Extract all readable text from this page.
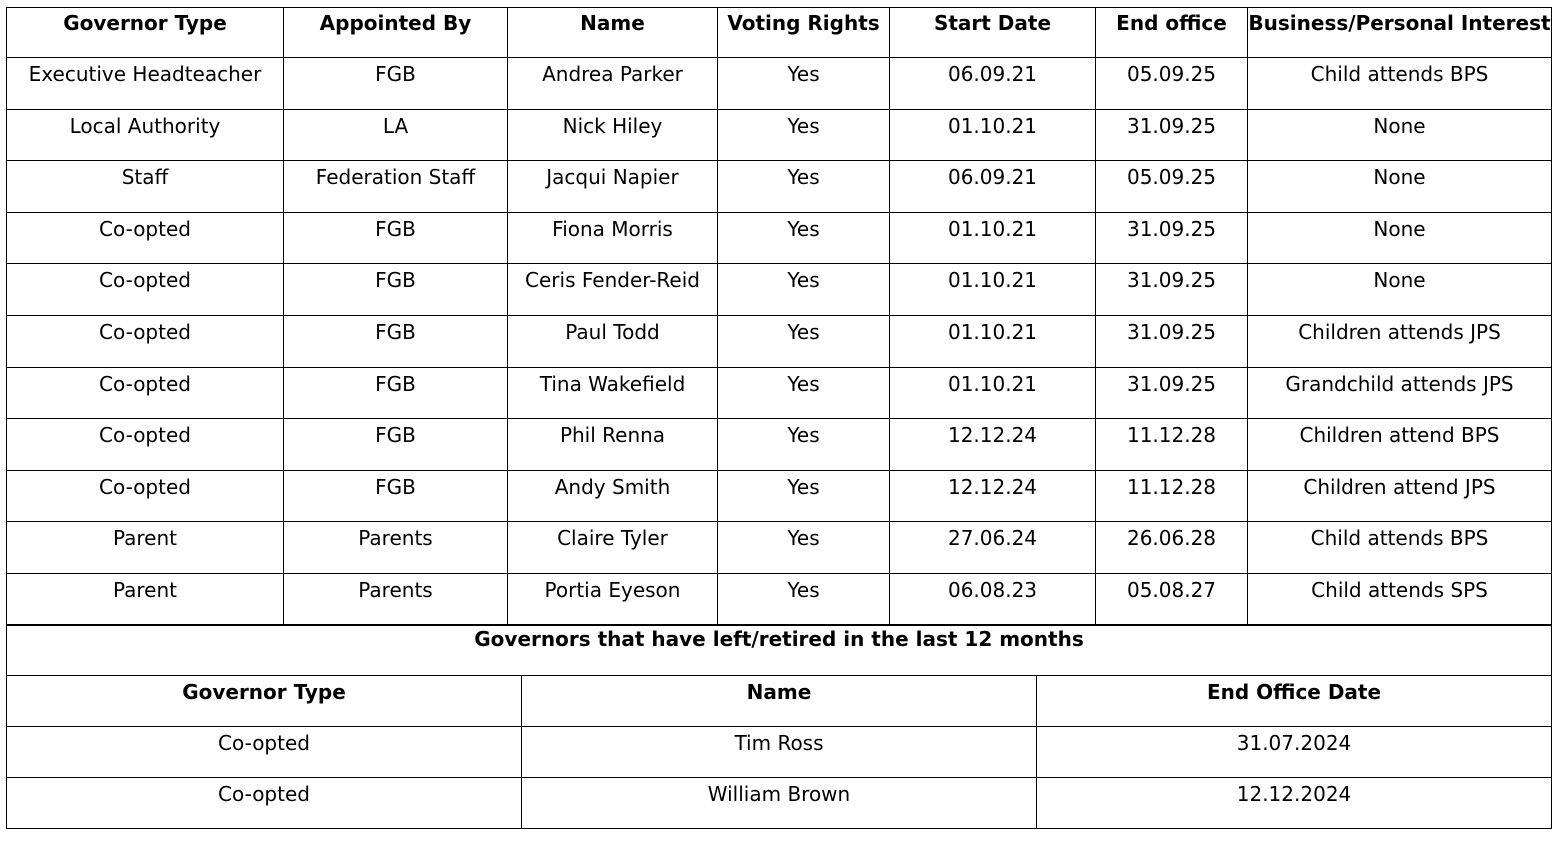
Governor Type	Appointed By	Name	Voting Rights	Start Date	End office	Business/Personal Interest
Executive Headteacher	FGB	Andrea Parker	Yes	06.09.21	05.09.25	Child attends BPS
Local Authority	LA	Nick Hiley	Yes	01.10.21	31.09.25	None
Staff	Federation Staff	Jacqui Napier	Yes	06.09.21	05.09.25	None
Co-opted	FGB	Fiona Morris	Yes	01.10.21	31.09.25	None
Co-opted	FGB	Ceris Fender-Reid	Yes	01.10.21	31.09.25	None
Co-opted	FGB	Paul Todd	Yes	01.10.21	31.09.25	Children attends JPS
Co-opted	FGB	Tina Wakefield	Yes	01.10.21	31.09.25	Grandchild attends JPS
Co-opted	FGB	Phil Renna	Yes	12.12.24	11.12.28	Children attend BPS
Co-opted	FGB	Andy Smith	Yes	12.12.24	11.12.28	Children attend JPS
Parent	Parents	Claire Tyler	Yes	27.06.24	26.06.28	Child attends BPS
Parent	Parents	Portia Eyeson	Yes	06.08.23	05.08.27	Child attends SPS
Governors that have left/retired in the last 12 months		
Governor Type	Name	End Office Date
Co-opted	Tim Ross	31.07.2024
Co-opted	William Brown	12.12.2024
